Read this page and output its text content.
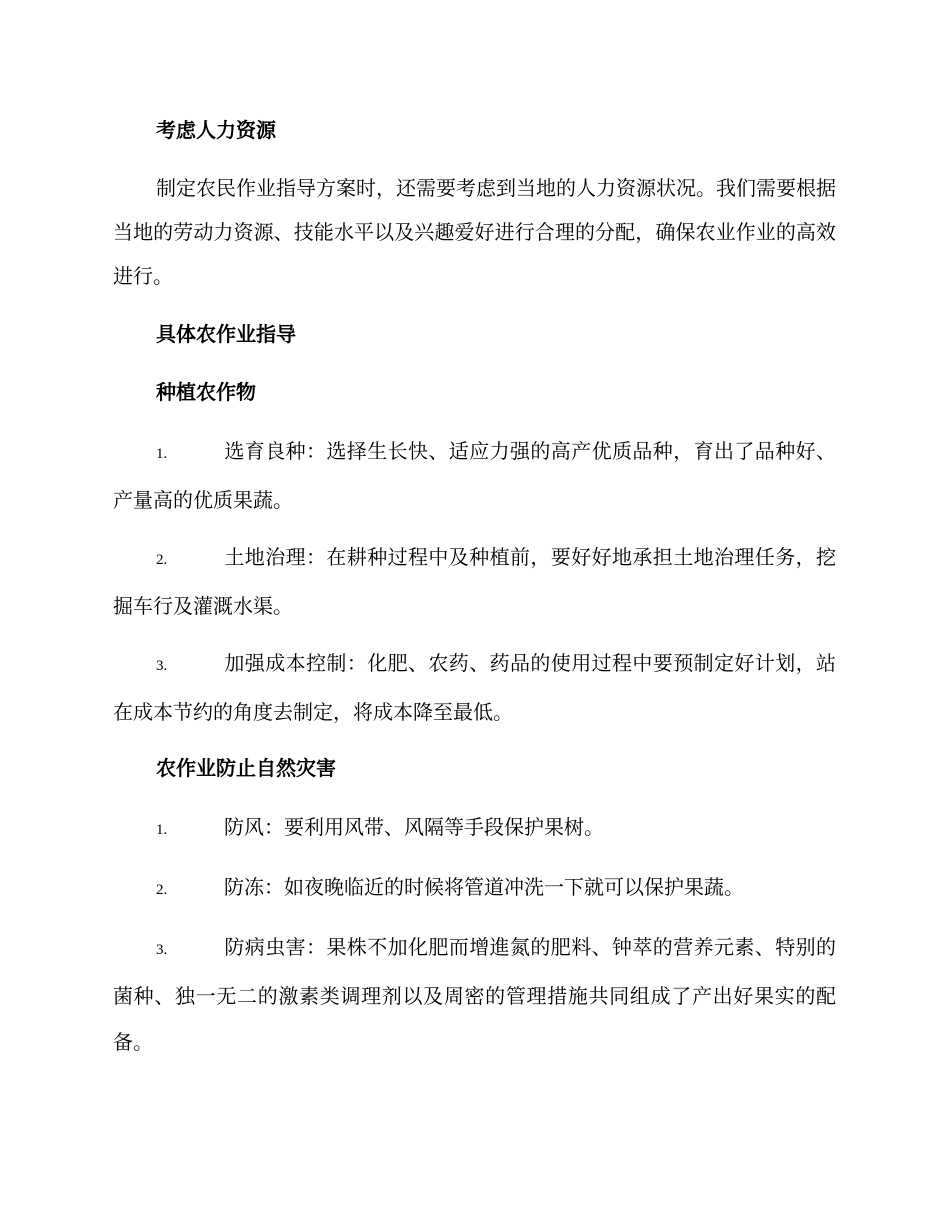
考虑人力资源

制定农民作业指导方案时，还需要考虑到当地的人力资源状况。我们需要根据当地的劳动力资源、技能水平以及兴趣爱好进行合理的分配，确保农业作业的高效进行。

具体农作业指导
种植农作物

1.	选育良种：选择生长快、适应力强的高产优质品种，育出了品种好、产量高的优质果蔬。

2.	土地治理：在耕种过程中及种植前，要好好地承担土地治理任务，挖掘车行及灌溉水渠。

3.	加强成本控制：化肥、农药、药品的使用过程中要预制定好计划，站在成本节约的角度去制定，将成本降至最低。

农作业防止自然灾害

1.	防风：要利用风带、风隔等手段保护果树。

2.	防冻：如夜晚临近的时候将管道冲洗一下就可以保护果蔬。

3.	防病虫害：果株不加化肥而增進氮的肥料、钟萃的营养元素、特别的菌种、独一无二的激素类调理剂以及周密的管理措施共同组成了产出好果实的配备。
